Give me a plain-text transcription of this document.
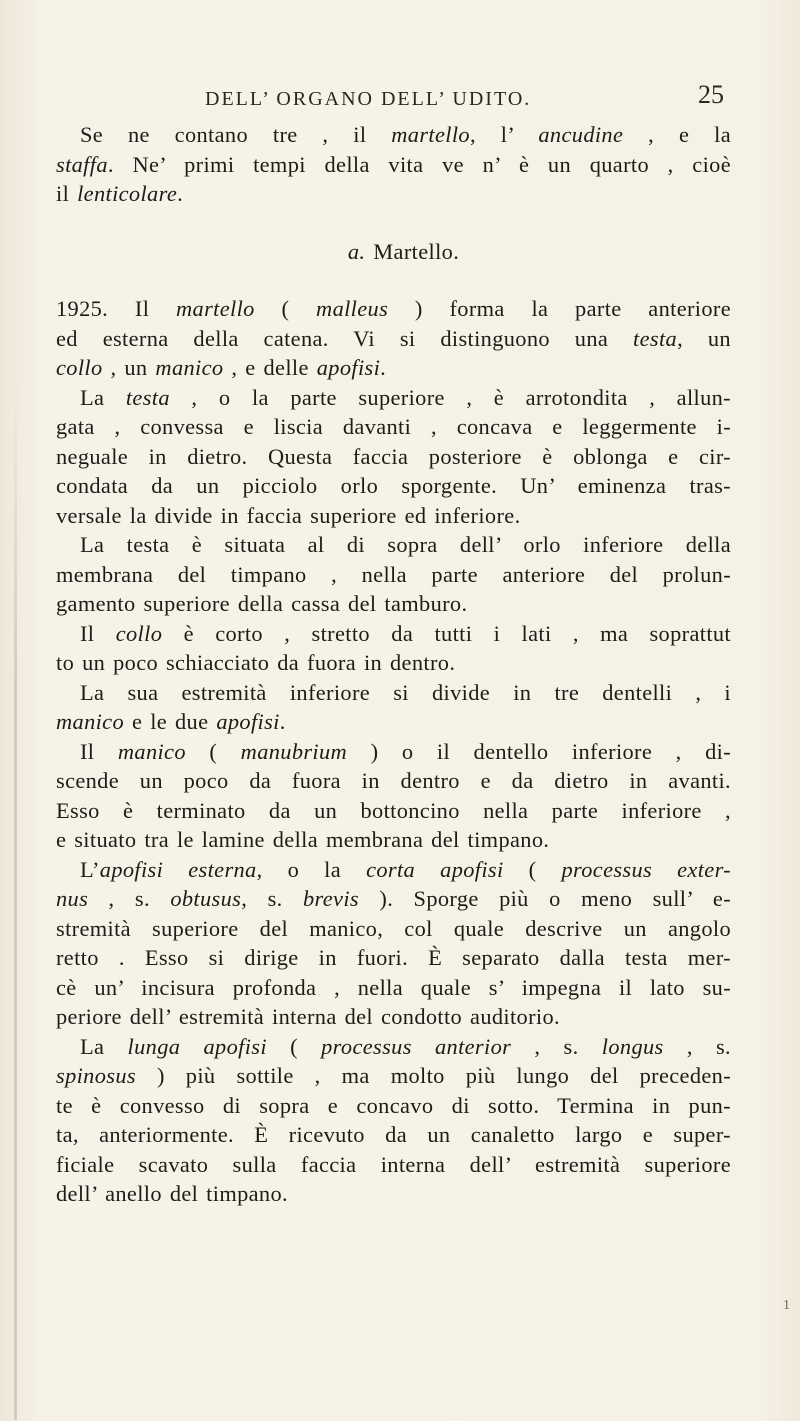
DELL’ ORGANO DELL’ UDITO.	25
Se ne contano tre , il martello, l’ ancudine , e la
staffa. Ne’ primi tempi della vita ve n’ è un quarto , cioè
il lenticolare.
a. Martello.
1925. Il martello ( malleus ) forma la parte anteriore
ed esterna della catena. Vi si distinguono una testa, un
collo , un manico , e delle apofisi.
La testa , o la parte superiore , è arrotondita , allun-
gata , convessa e liscia davanti , concava e leggermente i-
neguale in dietro. Questa faccia posteriore è oblonga e cir-
condata da un picciolo orlo sporgente. Un’ eminenza tras-
versale la divide in faccia superiore ed inferiore.
La testa è situata al di sopra dell’ orlo inferiore della
membrana del timpano , nella parte anteriore del prolun-
gamento superiore della cassa del tamburo.
Il collo è corto , stretto da tutti i lati , ma soprattut
to un poco schiacciato da fuora in dentro.
La sua estremità inferiore si divide in tre dentelli , i
manico e le due apofisi.
Il manico ( manubrium ) o il dentello inferiore , di-
scende un poco da fuora in dentro e da dietro in avanti.
Esso è terminato da un bottoncino nella parte inferiore ,
e situato tra le lamine della membrana del timpano.
L’apofisi esterna, o la corta apofisi ( processus exter-
nus , s. obtusus, s. brevis ). Sporge più o meno sull’ e-
stremità superiore del manico, col quale descrive un angolo
retto . Esso si dirige in fuori. È separato dalla testa mer-
cè un’ incisura profonda , nella quale s’ impegna il lato su-
periore dell’ estremità interna del condotto auditorio.
La lunga apofisi ( processus anterior , s. longus , s.
spinosus ) più sottile , ma molto più lungo del preceden-
te è convesso di sopra e concavo di sotto. Termina in pun-
ta, anteriormente. È ricevuto da un canaletto largo e super-
ficiale scavato sulla faccia interna dell’ estremità superiore
dell’ anello del timpano.
1
